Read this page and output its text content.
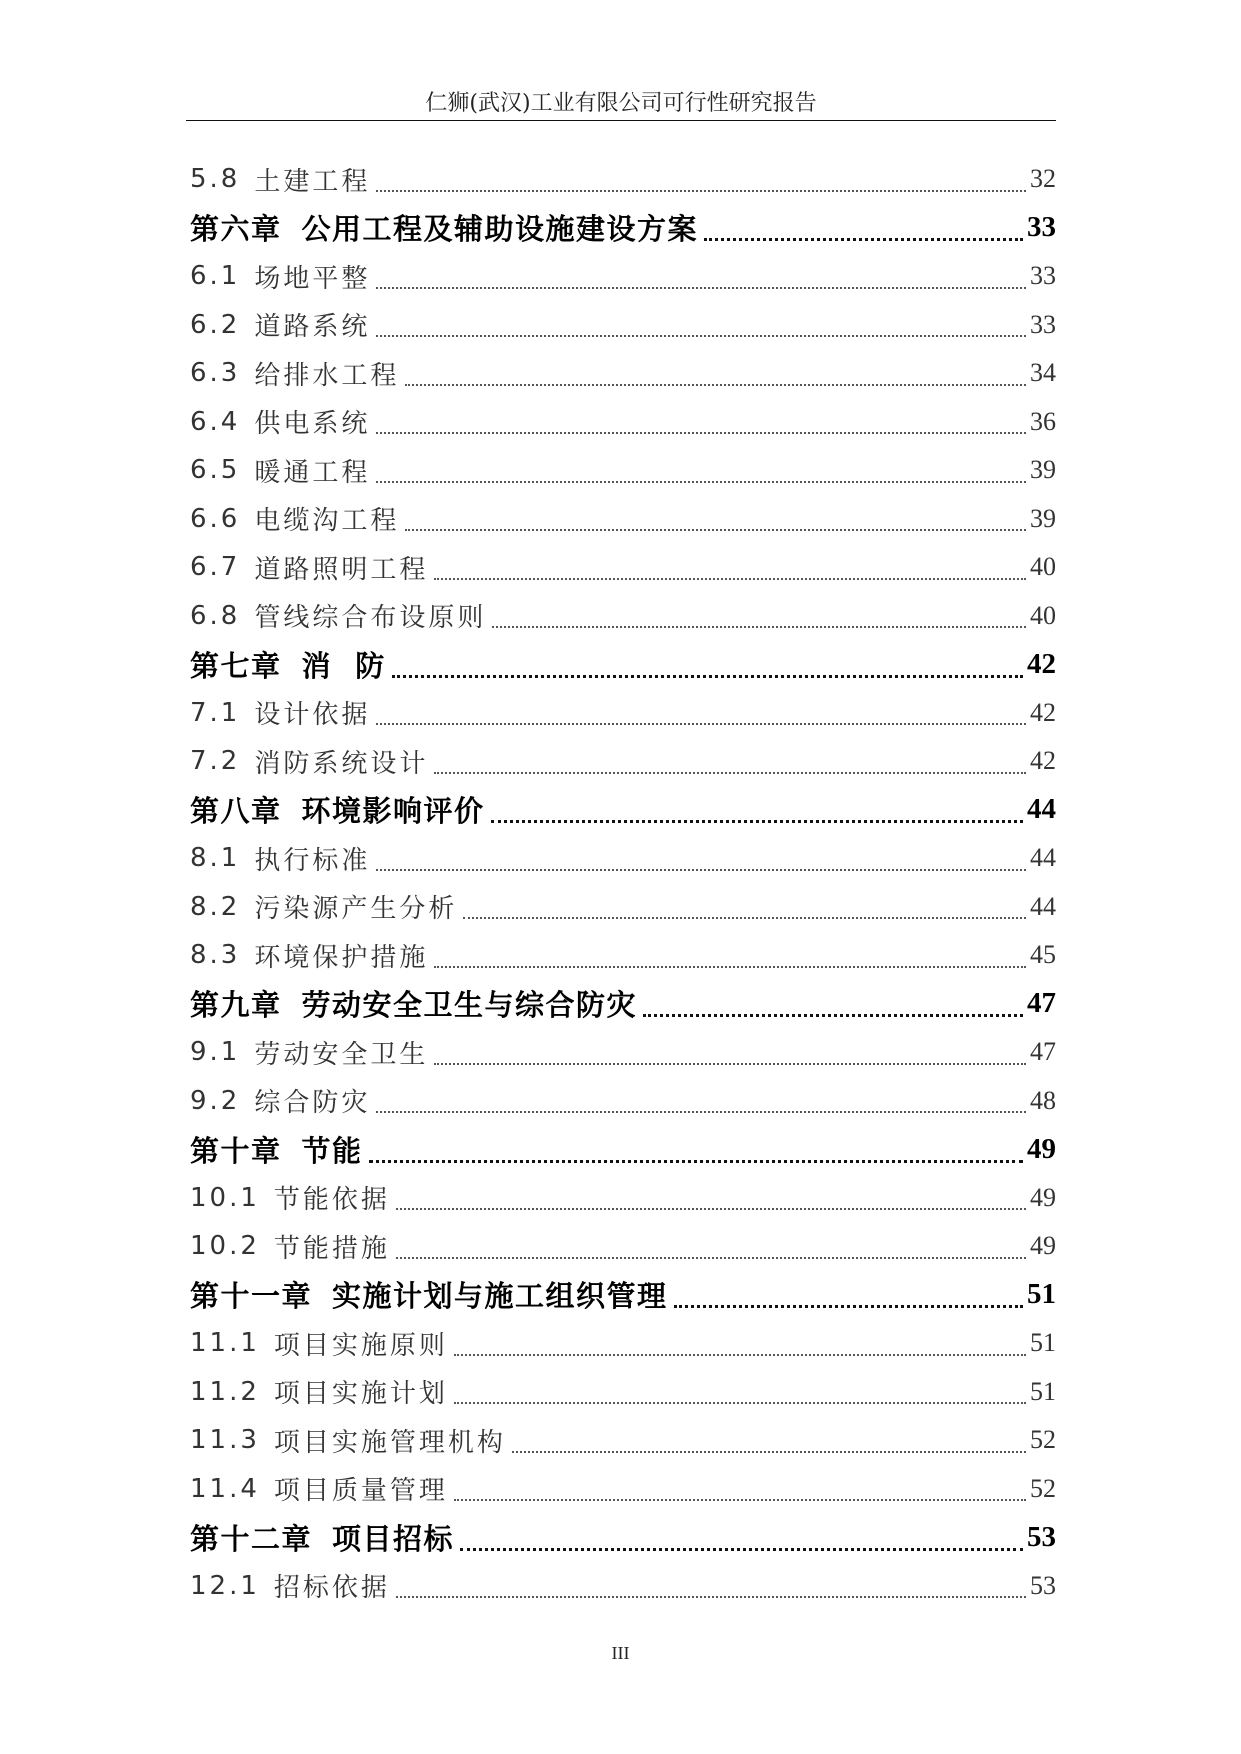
仁狮(武汉)工业有限公司可行性研究报告
5.8 土建工程	32
第六章 公用工程及辅助设施建设方案	33
6.1 场地平整	33
6.2 道路系统	33
6.3 给排水工程	34
6.4 供电系统	36
6.5 暖通工程	39
6.6 电缆沟工程	39
6.7 道路照明工程	40
6.8 管线综合布设原则	40
第七章 消  防	42
7.1 设计依据	42
7.2 消防系统设计	42
第八章 环境影响评价	44
8.1 执行标准	44
8.2 污染源产生分析	44
8.3 环境保护措施	45
第九章 劳动安全卫生与综合防灾	47
9.1 劳动安全卫生	47
9.2 综合防灾	48
第十章 节能	49
10.1 节能依据	49
10.2 节能措施	49
第十一章 实施计划与施工组织管理	51
11.1 项目实施原则	51
11.2 项目实施计划	51
11.3 项目实施管理机构	52
11.4 项目质量管理	52
第十二章 项目招标	53
12.1 招标依据	53
III
